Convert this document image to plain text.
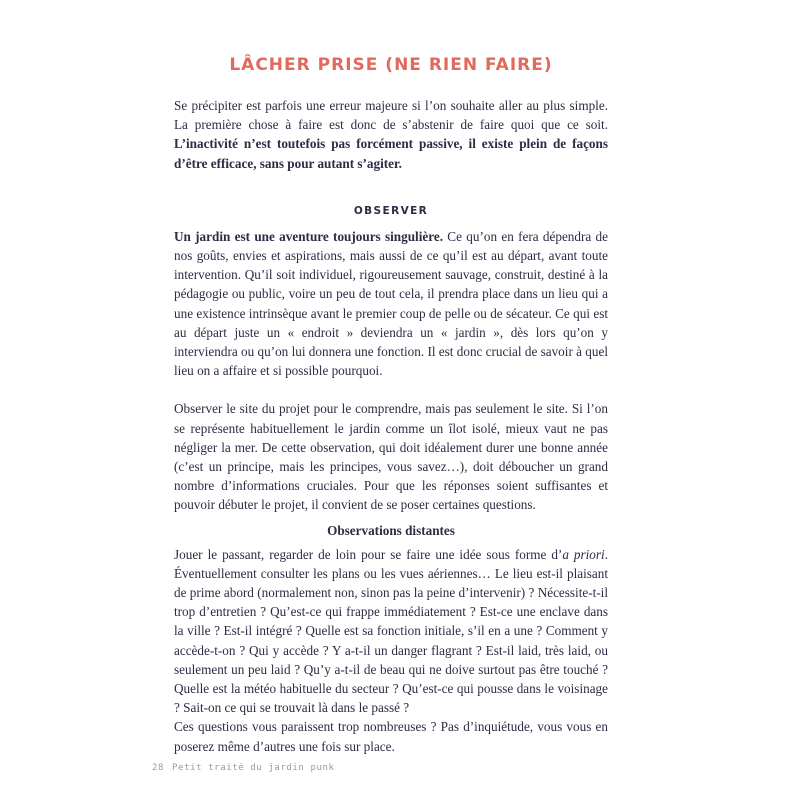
LÂCHER PRISE (NE RIEN FAIRE)

Se précipiter est parfois une erreur majeure si l’on souhaite aller au plus simple. La première chose à faire est donc de s’abstenir de faire quoi que ce soit. L’inactivité n’est toutefois pas forcément passive, il existe plein de façons d’être efficace, sans pour autant s’agiter.

OBSERVER

Un jardin est une aventure toujours singulière. Ce qu’on en fera dépendra de nos goûts, envies et aspirations, mais aussi de ce qu’il est au départ, avant toute intervention. Qu’il soit individuel, rigoureusement sauvage, construit, destiné à la pédagogie ou public, voire un peu de tout cela, il prendra place dans un lieu qui a une existence intrinsèque avant le premier coup de pelle ou de sécateur. Ce qui est au départ juste un « endroit » deviendra un « jardin », dès lors qu’on y interviendra ou qu’on lui donnera une fonction. Il est donc crucial de savoir à quel lieu on a affaire et si possible pourquoi.

Observer le site du projet pour le comprendre, mais pas seulement le site. Si l’on se représente habituellement le jardin comme un îlot isolé, mieux vaut ne pas négliger la mer. De cette observation, qui doit idéalement durer une bonne année (c’est un principe, mais les principes, vous savez…), doit déboucher un grand nombre d’informations cruciales. Pour que les réponses soient suffisantes et pouvoir débuter le projet, il convient de se poser certaines questions.

Observations distantes

Jouer le passant, regarder de loin pour se faire une idée sous forme d’a priori. Éventuellement consulter les plans ou les vues aériennes… Le lieu est-il plaisant de prime abord (normalement non, sinon pas la peine d’intervenir) ? Nécessite-t-il trop d’entretien ? Qu’est-ce qui frappe immédiatement ? Est-ce une enclave dans la ville ? Est-il intégré ? Quelle est sa fonction initiale, s’il en a une ? Comment y accède-t-on ? Qui y accède ? Y a-t-il un danger flagrant ? Est-il laid, très laid, ou seulement un peu laid ? Qu’y a-t-il de beau qui ne doive surtout pas être touché ? Quelle est la météo habituelle du secteur ? Qu’est-ce qui pousse dans le voisinage ? Sait-on ce qui se trouvait là dans le passé ?

Ces questions vous paraissent trop nombreuses ? Pas d’inquiétude, vous vous en poserez même d’autres une fois sur place.

28 Petit traité du jardin punk
